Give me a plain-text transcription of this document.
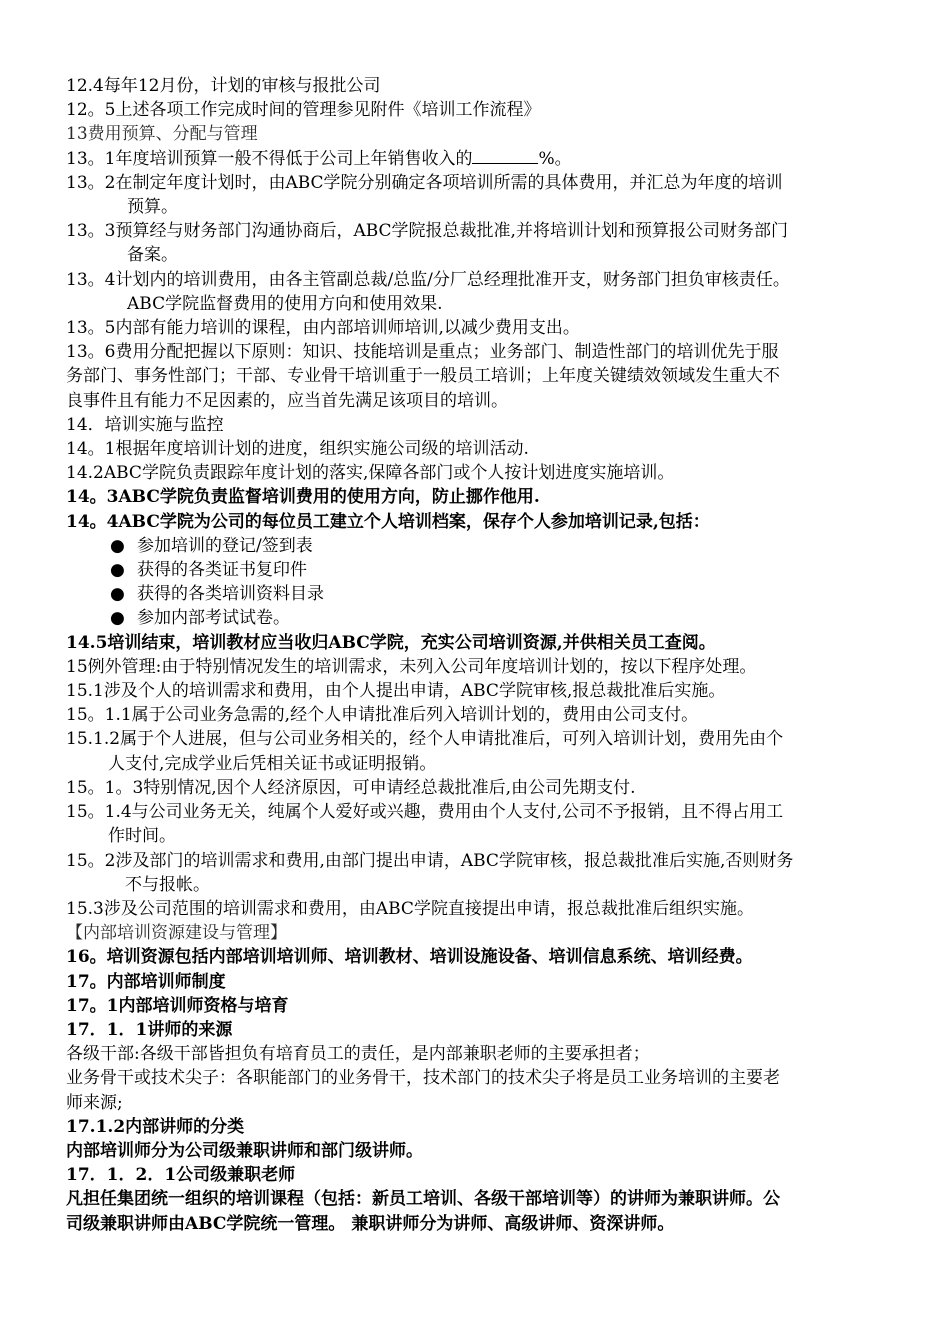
12.4每年12月份，计划的审核与报批公司

12。5上述各项工作完成时间的管理参见附件《培训工作流程》

13费用预算、分配与管理

13。1年度培训预算一般不得低于公司上年销售收入的	%。

13。2在制定年度计划时，由ABC学院分别确定各项培训所需的具体费用，并汇总为年度的培训

预算。

13。3预算经与财务部门沟通协商后，ABC学院报总裁批准,并将培训计划和预算报公司财务部门

备案。

13。4计划内的培训费用，由各主管副总裁/总监/分厂总经理批准开支，财务部门担负审核责任。

ABC学院监督费用的使用方向和使用效果.

13。5内部有能力培训的课程，由内部培训师培训,以减少费用支出。

13。6费用分配把握以下原则：知识、技能培训是重点；业务部门、制造性部门的培训优先于服

务部门、事务性部门；干部、专业骨干培训重于一般员工培训；上年度关键绩效领域发生重大不

良事件且有能力不足因素的，应当首先满足该项目的培训。

14．培训实施与监控

14。1根据年度培训计划的进度，组织实施公司级的培训活动.

14.2ABC学院负责跟踪年度计划的落实,保障各部门或个人按计划进度实施培训。

14。3ABC学院负责监督培训费用的使用方向，防止挪作他用.

14。4ABC学院为公司的每位员工建立个人培训档案，保存个人参加培训记录,包括：

● 参加培训的登记/签到表

● 获得的各类证书复印件

● 获得的各类培训资料目录

● 参加内部考试试卷。

14.5培训结束，培训教材应当收归ABC学院，充实公司培训资源,并供相关员工查阅。

15例外管理:由于特别情况发生的培训需求，未列入公司年度培训计划的，按以下程序处理。

15.1涉及个人的培训需求和费用，由个人提出申请，ABC学院审核,报总裁批准后实施。

15。1.1属于公司业务急需的,经个人申请批准后列入培训计划的，费用由公司支付。

15.1.2属于个人进展，但与公司业务相关的，经个人申请批准后，可列入培训计划，费用先由个

人支付,完成学业后凭相关证书或证明报销。

15。1。3特别情况,因个人经济原因，可申请经总裁批准后,由公司先期支付.

15。1.4与公司业务无关，纯属个人爱好或兴趣，费用由个人支付,公司不予报销，且不得占用工

作时间。

15。2涉及部门的培训需求和费用,由部门提出申请，ABC学院审核，报总裁批准后实施,否则财务

不与报帐。

15.3涉及公司范围的培训需求和费用，由ABC学院直接提出申请，报总裁批准后组织实施。

【内部培训资源建设与管理】

16。培训资源包括内部培训培训师、培训教材、培训设施设备、培训信息系统、培训经费。

17。内部培训师制度

17。1内部培训师资格与培育

17．1．1讲师的来源

各级干部:各级干部皆担负有培育员工的责任，是内部兼职老师的主要承担者；

业务骨干或技术尖子：各职能部门的业务骨干，技术部门的技术尖子将是员工业务培训的主要老

师来源;

17.1.2内部讲师的分类

内部培训师分为公司级兼职讲师和部门级讲师。

17．1．2．1公司级兼职老师

凡担任集团统一组织的培训课程（包括：新员工培训、各级干部培训等）的讲师为兼职讲师。公

司级兼职讲师由ABC学院统一管理。 兼职讲师分为讲师、高级讲师、资深讲师。
